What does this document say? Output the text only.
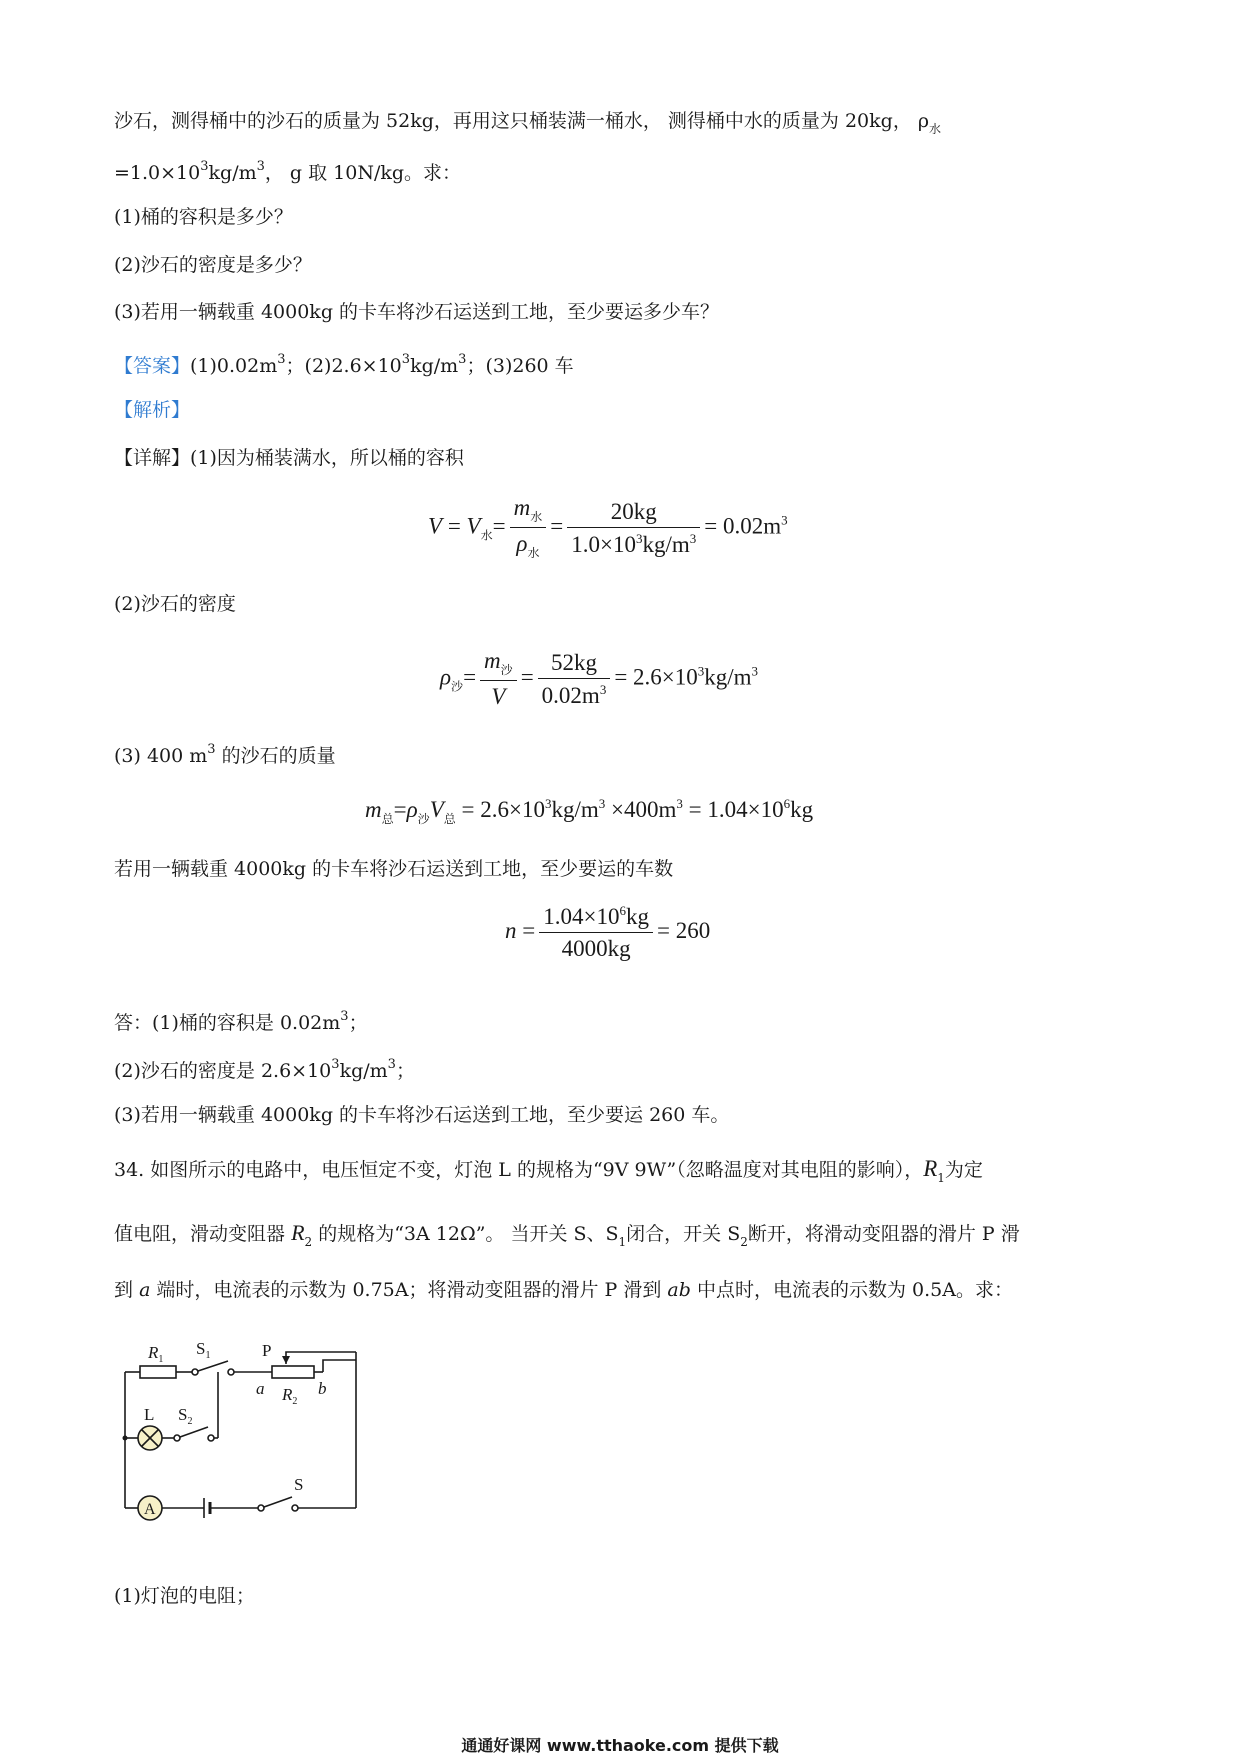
沙石，测得桶中的沙石的质量为 52kg，再用这只桶装满一桶水， 测得桶中水的质量为 20kg， $\rho_水$
$=1.0\times 10^3kg/m^3$， g 取 10N/kg。求：
(1)桶的容积是多少？
(2)沙石的密度是多少？
(3)若用一辆载重 4000kg 的卡车将沙石运送到工地，至少要运多少车？
【答案】$(1)0.02m^3$；$(2)2.6\times 10^3kg/m^3$；(3)260 车
【解析】
【详解】(1)因为桶装满水，所以桶的容积
$V = V_水= \frac{m_水}{\rho_水} = \frac{20kg}{1.0\times 10^3kg/m^3} = 0.02m^3$
(2)沙石的密度
$\rho_沙= \frac{m_沙}{V} = \frac{52kg}{0.02m^3} = 2.6\times 10^3kg/m^3$
(3) 400 $m^3$ 的沙石的质量
$m_总=\rho_沙V_总 = 2.6\times 10^3kg/m^3 \times 400m^3 = 1.04\times 10^6kg$
若用一辆载重 4000kg 的卡车将沙石运送到工地，至少要运的车数
$n = \frac{1.04\times 10^6kg}{4000kg} = 260$
答：(1)桶的容积是 $0.02m^3$；
(2)沙石的密度是 $2.6\times 10^3kg/m^3$；
(3)若用一辆载重 4000kg 的卡车将沙石运送到工地，至少要运 260 车。
34. 如图所示的电路中，电压恒定不变，灯泡 L 的规格为“9V 9W”（忽略温度对其电阻的影响），$R_1$为定
值电阻，滑动变阻器 $R_2$ 的规格为“3A 12Ω”。 当开关 S、$S_1$闭合，开关 $S_2$断开，将滑动变阻器的滑片 P 滑
到 a 端时，电流表的示数为 0.75A；将滑动变阻器的滑片 P 滑到 ab 中点时，电流表的示数为 0.5A。求：
$R_1$
$S_1$	P
a $R_2$
b
L $S_2$
A
S
(1)灯泡的电阻；
通通好课网 www.tthaoke.com 提供下载
